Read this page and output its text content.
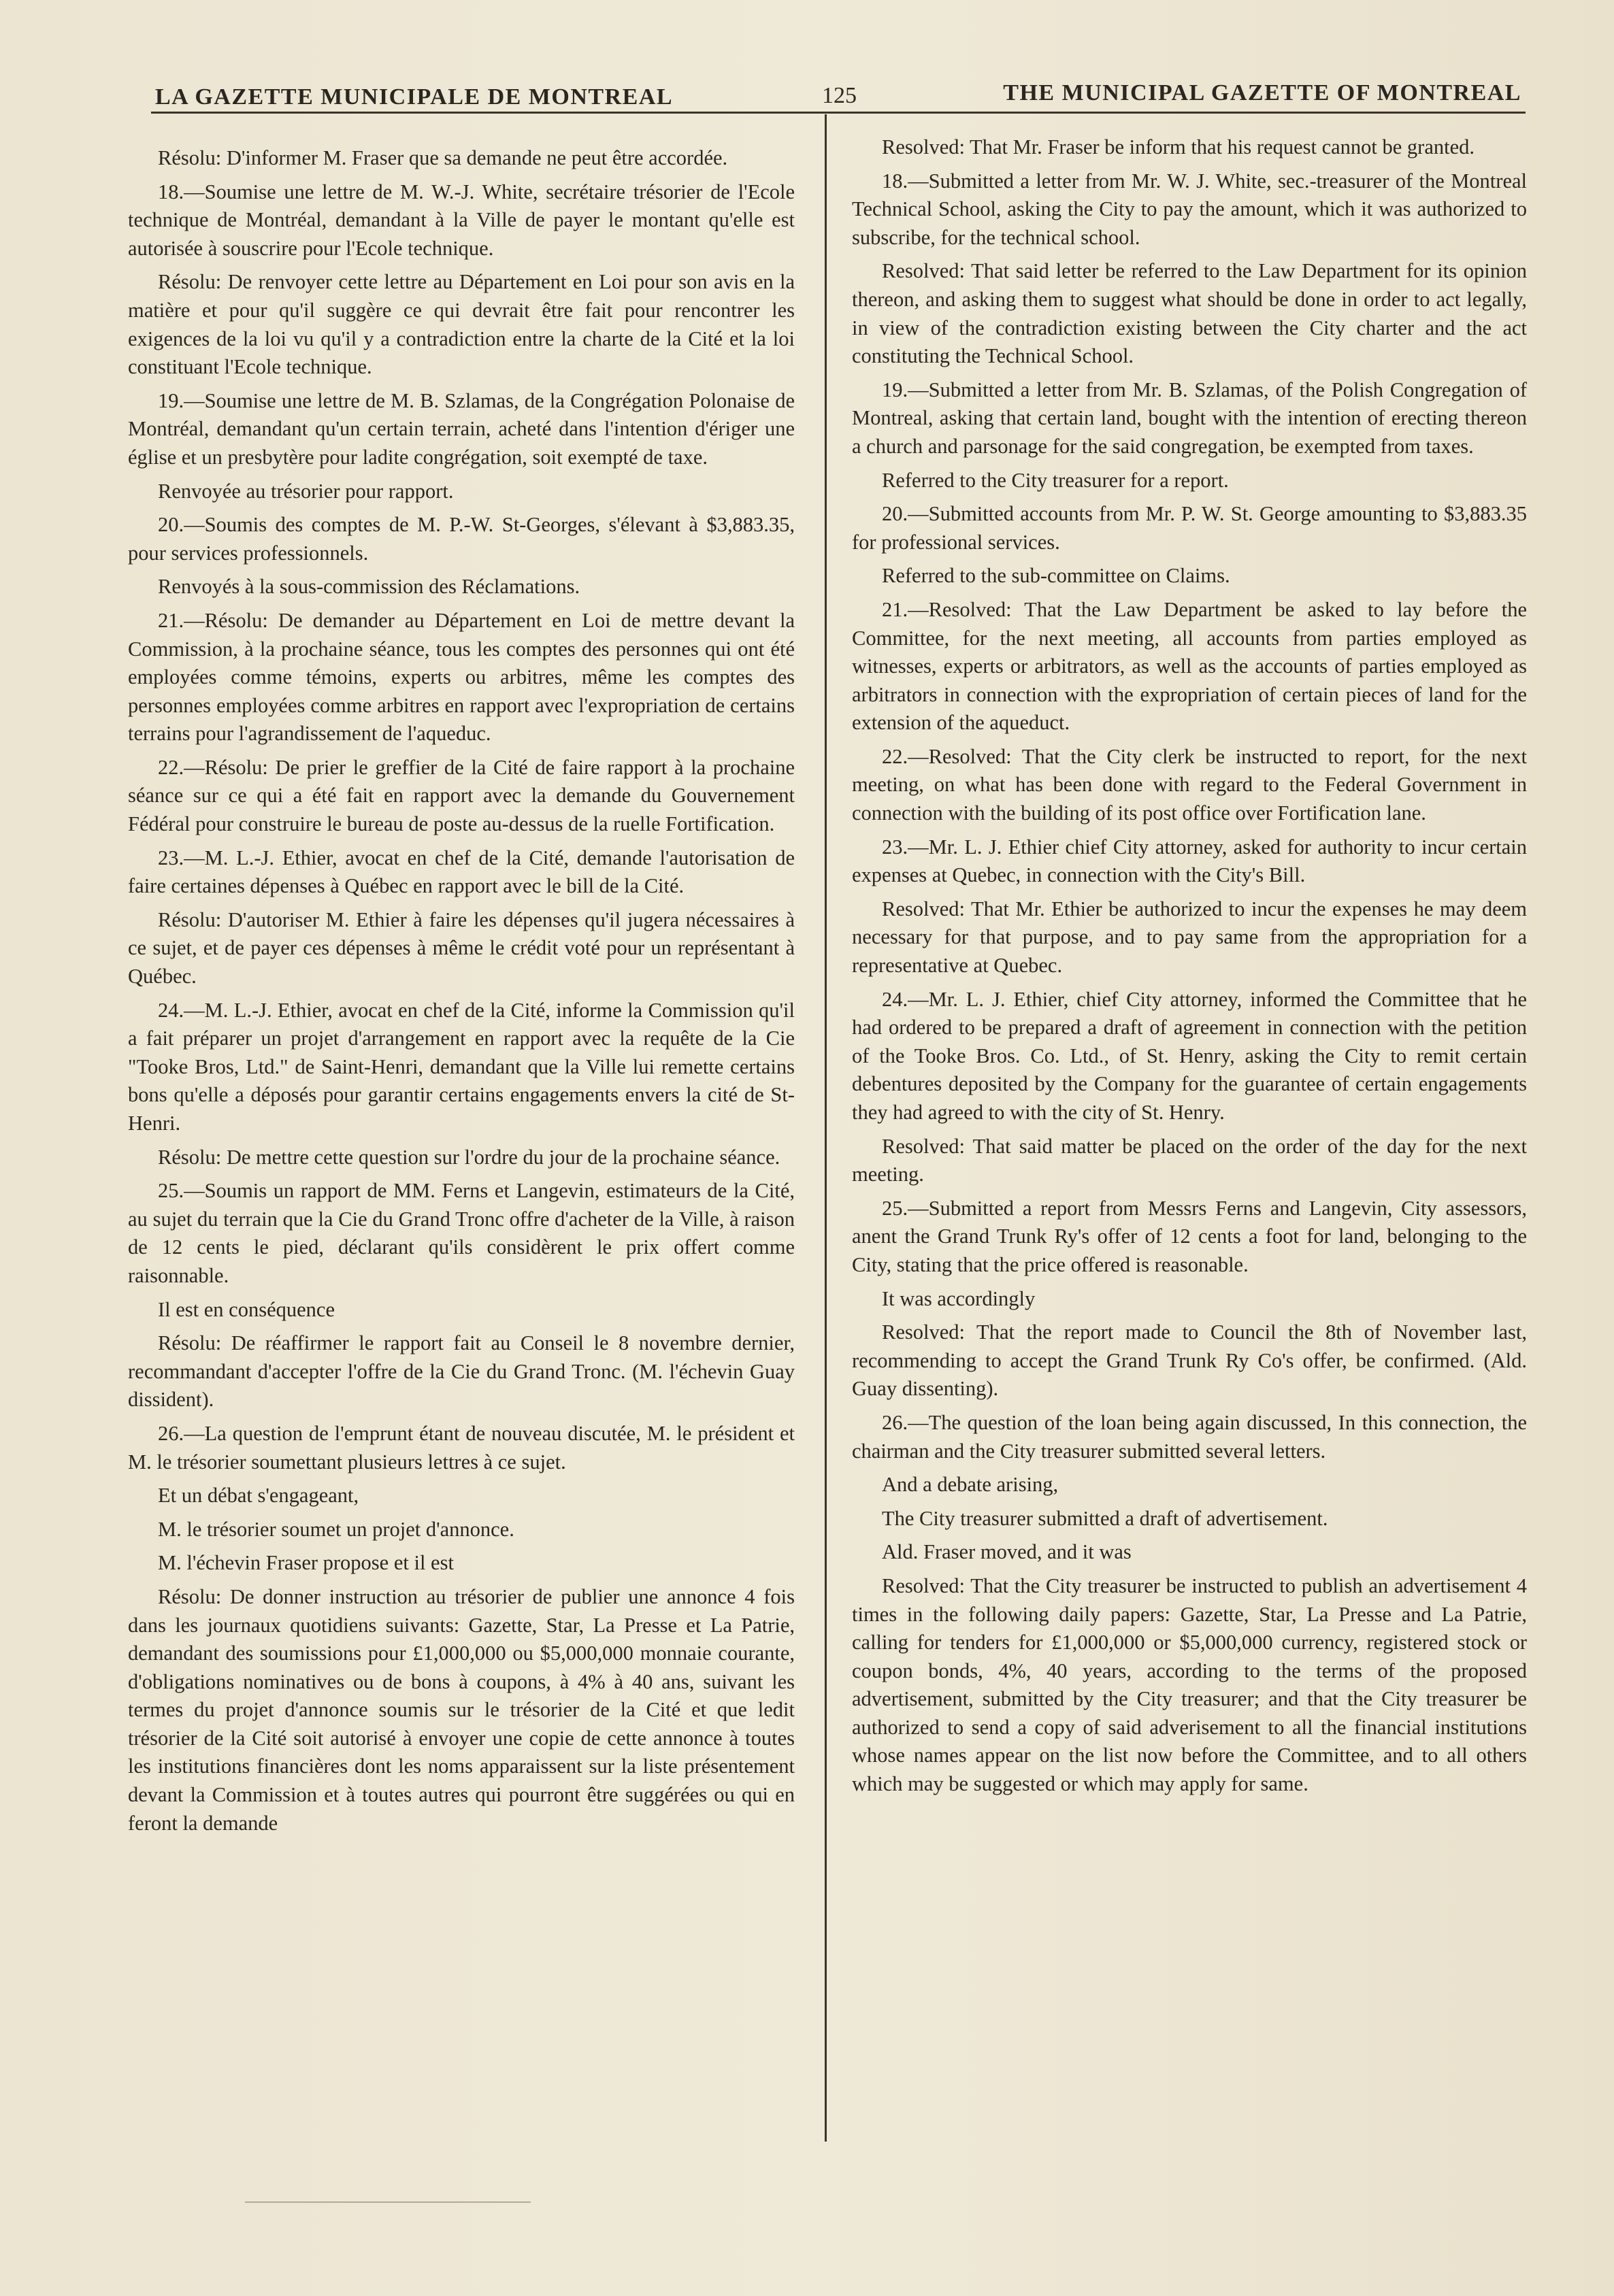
LA GAZETTE MUNICIPALE DE MONTREAL	125	THE MUNICIPAL GAZETTE OF MONTREAL

Résolu: D'informer M. Fraser que sa demande ne peut être accordée.

18.—Soumise une lettre de M. W.-J. White, secrétaire trésorier de l'Ecole technique de Montréal, demandant à la Ville de payer le montant qu'elle est autorisée à souscrire pour l'Ecole technique.

Résolu: De renvoyer cette lettre au Département en Loi pour son avis en la matière et pour qu'il suggère ce qui devrait être fait pour rencontrer les exigences de la loi vu qu'il y a contradiction entre la charte de la Cité et la loi constituant l'Ecole technique.

19.—Soumise une lettre de M. B. Szlamas, de la Congrégation Polonaise de Montréal, demandant qu'un certain terrain, acheté dans l'intention d'ériger une église et un presbytère pour ladite congrégation, soit exempté de taxe.

Renvoyée au trésorier pour rapport.

20.—Soumis des comptes de M. P.-W. St-Georges, s'élevant à $3,883.35, pour services professionnels.

Renvoyés à la sous-commission des Réclamations.

21.—Résolu: De demander au Département en Loi de mettre devant la Commission, à la prochaine séance, tous les comptes des personnes qui ont été employées comme témoins, experts ou arbitres, même les comptes des personnes employées comme arbitres en rapport avec l'expropriation de certains terrains pour l'agrandissement de l'aqueduc.

22.—Résolu: De prier le greffier de la Cité de faire rapport à la prochaine séance sur ce qui a été fait en rapport avec la demande du Gouvernement Fédéral pour construire le bureau de poste au-dessus de la ruelle Fortification.

23.—M. L.-J. Ethier, avocat en chef de la Cité, demande l'autorisation de faire certaines dépenses à Québec en rapport avec le bill de la Cité.

Résolu: D'autoriser M. Ethier à faire les dépenses qu'il jugera nécessaires à ce sujet, et de payer ces dépenses à même le crédit voté pour un représentant à Québec.

24.—M. L.-J. Ethier, avocat en chef de la Cité, informe la Commission qu'il a fait préparer un projet d'arrangement en rapport avec la requête de la Cie "Tooke Bros, Ltd." de Saint-Henri, demandant que la Ville lui remette certains bons qu'elle a déposés pour garantir certains engagements envers la cité de St-Henri.

Résolu: De mettre cette question sur l'ordre du jour de la prochaine séance.

25.—Soumis un rapport de MM. Ferns et Langevin, estimateurs de la Cité, au sujet du terrain que la Cie du Grand Tronc offre d'acheter de la Ville, à raison de 12 cents le pied, déclarant qu'ils considèrent le prix offert comme raisonnable.

Il est en conséquence

Résolu: De réaffirmer le rapport fait au Conseil le 8 novembre dernier, recommandant d'accepter l'offre de la Cie du Grand Tronc. (M. l'échevin Guay dissident).

26.—La question de l'emprunt étant de nouveau discutée, M. le président et M. le trésorier soumettant plusieurs lettres à ce sujet.

Et un débat s'engageant,

M. le trésorier soumet un projet d'annonce.

M. l'échevin Fraser propose et il est

Résolu: De donner instruction au trésorier de publier une annonce 4 fois dans les journaux quotidiens suivants: Gazette, Star, La Presse et La Patrie, demandant des soumissions pour £1,000,000 ou $5,000,000 monnaie courante, d'obligations nominatives ou de bons à coupons, à 4% à 40 ans, suivant les termes du projet d'annonce soumis sur le trésorier de la Cité et que ledit trésorier de la Cité soit autorisé à envoyer une copie de cette annonce à toutes les institutions financières dont les noms apparaissent sur la liste présentement devant la Commission et à toutes autres qui pourront être suggérées ou qui en feront la demande

Resolved: That Mr. Fraser be inform that his request cannot be granted.

18.—Submitted a letter from Mr. W. J. White, sec.-treasurer of the Montreal Technical School, asking the City to pay the amount, which it was authorized to subscribe, for the technical school.

Resolved: That said letter be referred to the Law Department for its opinion thereon, and asking them to suggest what should be done in order to act legally, in view of the contradiction existing between the City charter and the act constituting the Technical School.

19.—Submitted a letter from Mr. B. Szlamas, of the Polish Congregation of Montreal, asking that certain land, bought with the intention of erecting thereon a church and parsonage for the said congregation, be exempted from taxes.

Referred to the City treasurer for a report.

20.—Submitted accounts from Mr. P. W. St. George amounting to $3,883.35 for professional services.

Referred to the sub-committee on Claims.

21.—Resolved: That the Law Department be asked to lay before the Committee, for the next meeting, all accounts from parties employed as witnesses, experts or arbitrators, as well as the accounts of parties employed as arbitrators in connection with the expropriation of certain pieces of land for the extension of the aqueduct.

22.—Resolved: That the City clerk be instructed to report, for the next meeting, on what has been done with regard to the Federal Government in connection with the building of its post office over Fortification lane.

23.—Mr. L. J. Ethier chief City attorney, asked for authority to incur certain expenses at Quebec, in connection with the City's Bill.

Resolved: That Mr. Ethier be authorized to incur the expenses he may deem necessary for that purpose, and to pay same from the appropriation for a representative at Quebec.

24.—Mr. L. J. Ethier, chief City attorney, informed the Committee that he had ordered to be prepared a draft of agreement in connection with the petition of the Tooke Bros. Co. Ltd., of St. Henry, asking the City to remit certain debentures deposited by the Company for the guarantee of certain engagements they had agreed to with the city of St. Henry.

Resolved: That said matter be placed on the order of the day for the next meeting.

25.—Submitted a report from Messrs Ferns and Langevin, City assessors, anent the Grand Trunk Ry's offer of 12 cents a foot for land, belonging to the City, stating that the price offered is reasonable.

It was accordingly

Resolved: That the report made to Council the 8th of November last, recommending to accept the Grand Trunk Ry Co's offer, be confirmed. (Ald. Guay dissenting).

26.—The question of the loan being again discussed, In this connection, the chairman and the City treasurer submitted several letters.

And a debate arising,

The City treasurer submitted a draft of advertisement.

Ald. Fraser moved, and it was

Resolved: That the City treasurer be instructed to publish an advertisement 4 times in the following daily papers: Gazette, Star, La Presse and La Patrie, calling for tenders for £1,000,000 or $5,000,000 currency, registered stock or coupon bonds, 4%, 40 years, according to the terms of the proposed advertisement, submitted by the City treasurer; and that the City treasurer be authorized to send a copy of said adverisement to all the financial institutions whose names appear on the list now before the Committee, and to all others which may be suggested or which may apply for same.
